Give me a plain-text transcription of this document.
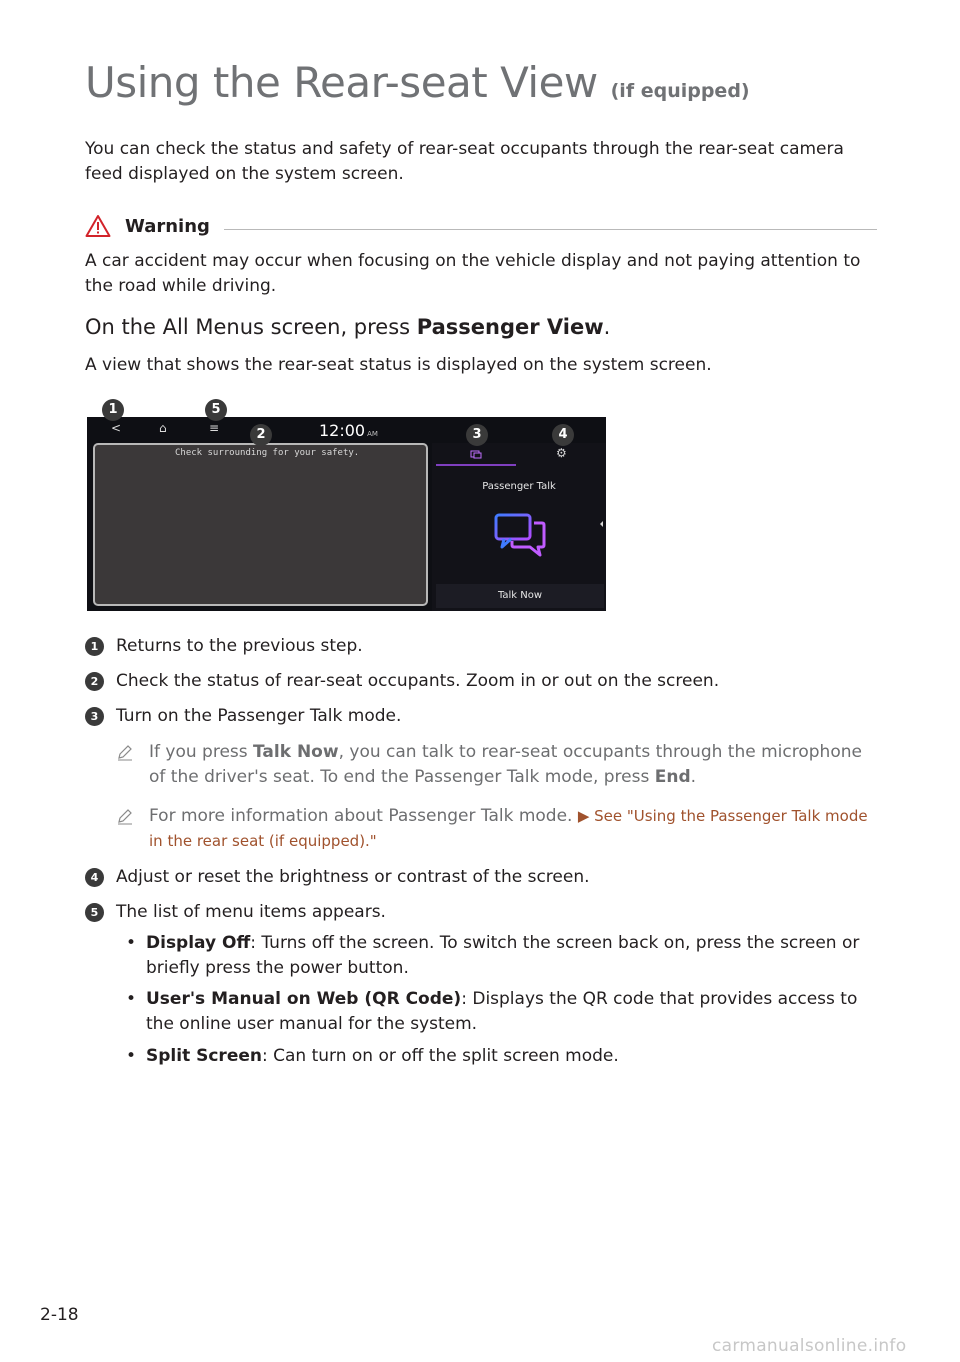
Using the Rear-seat View (if equipped)

You can check the status and safety of rear-seat occupants through the rear-seat camera feed displayed on the system screen.

Warning

A car accident may occur when focusing on the vehicle display and not paying attention to the road while driving.

On the All Menus screen, press Passenger View.

A view that shows the rear-seat status is displayed on the system screen.

<	⌂	≡	12:00 AM
Check surrounding for your safety.	⚙
Passenger Talk
Talk Now
1	5
2	3	4
1 Returns to the previous step.
2 Check the status of rear-seat occupants. Zoom in or out on the screen.
3 Turn on the Passenger Talk mode.
If you press Talk Now, you can talk to rear-seat occupants through the microphone of the driver's seat. To end the Passenger Talk mode, press End.
For more information about Passenger Talk mode. ▶ See "Using the Passenger Talk mode in the rear seat (if equipped)."
4 Adjust or reset the brightness or contrast of the screen.
5 The list of menu items appears.
• Display Off: Turns off the screen. To switch the screen back on, press the screen or briefly press the power button.
• User's Manual on Web (QR Code): Displays the QR code that provides access to the online user manual for the system.
• Split Screen: Can turn on or off the split screen mode.
2-18
carmanualsonline.info
